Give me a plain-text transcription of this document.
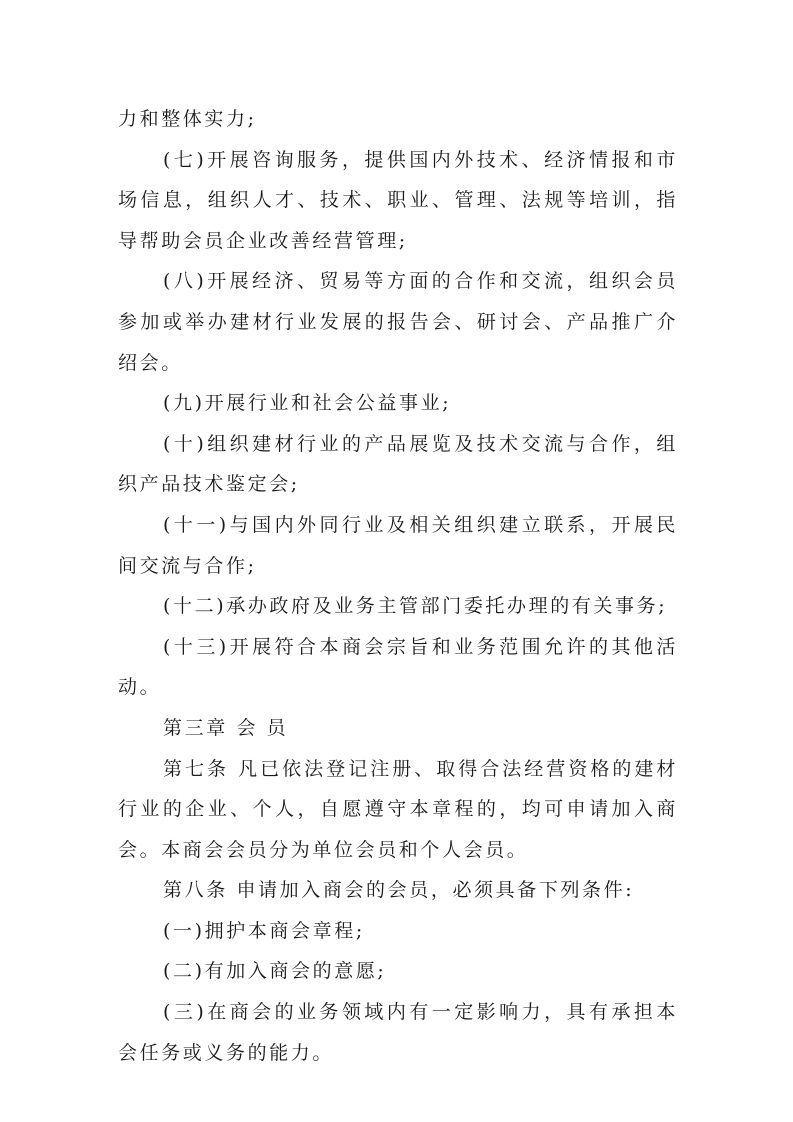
力和整体实力;

(七)开展咨询服务，提供国内外技术、经济情报和市场信息，组织人才、技术、职业、管理、法规等培训，指导帮助会员企业改善经营管理;

(八)开展经济、贸易等方面的合作和交流，组织会员参加或举办建材行业发展的报告会、研讨会、产品推广介绍会。

(九)开展行业和社会公益事业;

(十)组织建材行业的产品展览及技术交流与合作，组织产品技术鉴定会;

(十一)与国内外同行业及相关组织建立联系，开展民间交流与合作;

(十二)承办政府及业务主管部门委托办理的有关事务;

(十三)开展符合本商会宗旨和业务范围允许的其他活动。

第三章 会 员

第七条 凡已依法登记注册、取得合法经营资格的建材行业的企业、个人，自愿遵守本章程的，均可申请加入商会。本商会会员分为单位会员和个人会员。

第八条 申请加入商会的会员，必须具备下列条件:

(一)拥护本商会章程;

(二)有加入商会的意愿;

(三)在商会的业务领域内有一定影响力，具有承担本会任务或义务的能力。
